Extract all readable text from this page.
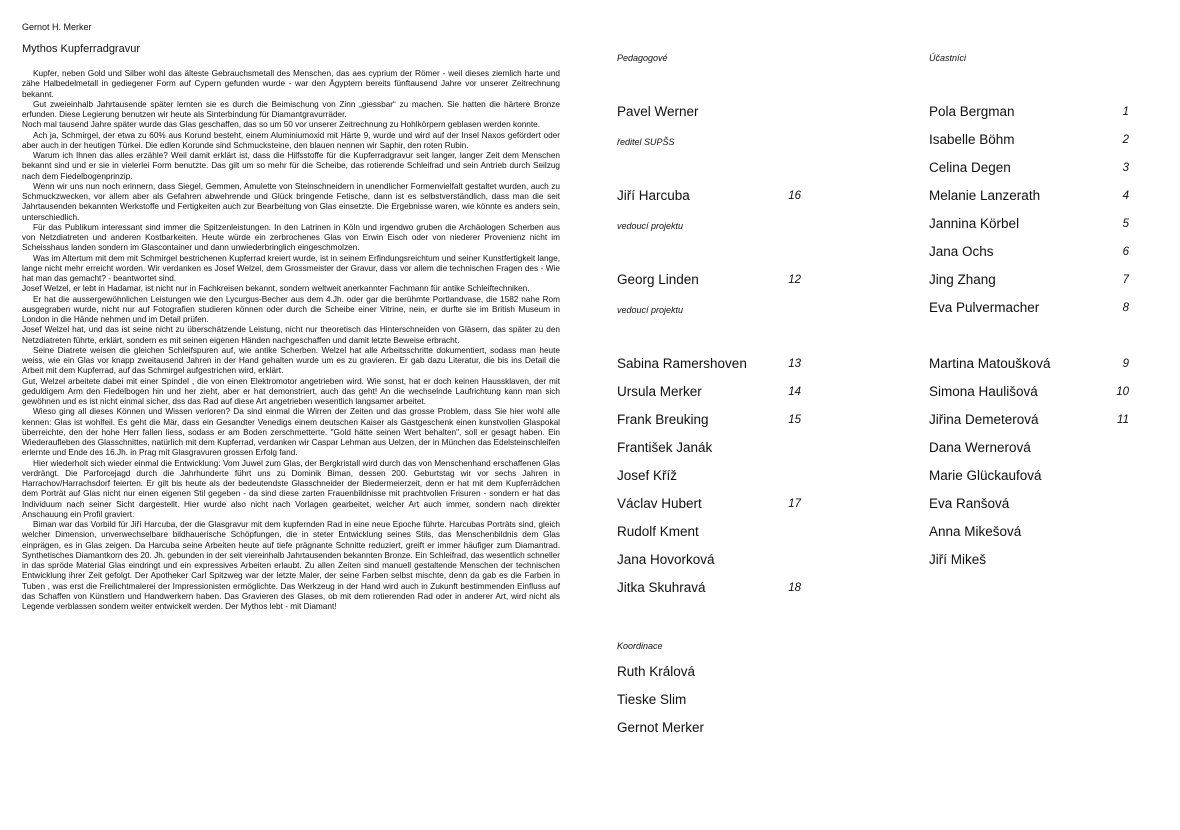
Gernot H. Merker
Mythos Kupferradgravur

Kupfer, neben Gold und Silber wohl das älteste Gebrauchsmetall des Menschen, das aes cyprium der Römer - weil dieses ziemlich harte und zähe Halbedelmetall in gediegener Form auf Cypern gefunden wurde - war den Ägyptern bereits fünftausend Jahre vor unserer Zeitrechnung bekannt.

Gut zweieinhalb Jahrtausende später lernten sie es durch die Beimischung von Zinn „giessbar“ zu machen. Sie hatten die härtere Bronze erfunden. Diese Legierung benutzen wir heute als Sinterbindung für Diamantgravurräder.

Noch mal tausend Jahre später wurde das Glas geschaffen, das so um 50 vor unserer Zeitrechnung zu Hohlkörpern geblasen werden konnte.

Ach ja, Schmirgel, der etwa zu 60% aus Korund besteht, einem Aluminiumoxid mit Härte 9, wurde und wird auf der Insel Naxos gefördert oder aber auch in der heutigen Türkei. Die edlen Korunde sind Schmucksteine, den blauen nennen wir Saphir, den roten Rubin.

Warum ich Ihnen das alles erzähle? Weil damit erklärt ist, dass die Hilfsstoffe für die Kupferradgravur seit langer, langer Zeit dem Menschen bekannt sind und er sie in vielerlei Form benutzte. Das gilt um so mehr für die Scheibe, das rotierende Schleifrad und sein Antrieb durch Seilzug nach dem Fiedelbogenprinzip.

Wenn wir uns nun noch erinnern, dass Siegel, Gemmen, Amulette von Steinschneidern in unendlicher Formenvielfalt gestaltet wurden, auch zu Schmuckzwecken, vor allem aber als Gefahren abwehrende und Glück bringende Fetische, dann ist es selbstverständlich, dass man die seit Jahrtausenden bekannten Werkstoffe und Fertigkeiten auch zur Bearbeitung von Glas einsetzte. Die Ergebnisse waren, wie könnte es anders sein, unterschiedlich.

Für das Publikum interessant sind immer die Spitzenleistungen. In den Latrinen in Köln und irgendwo gruben die Archäologen Scherben aus von Netzdiatreten und anderen Kostbarkeiten. Heute würde ein zerbrochenes Glas von Erwin Eisch oder von niederer Provenienz nicht im Scheisshaus landen sondern im Glascontainer und dann unwiederbringlich eingeschmolzen.

Was im Altertum mit dem mit Schmirgel bestrichenen Kupferrad kreiert wurde, ist in seinem Erfindungsreichtum und seiner Kunstfertigkeit lange, lange nicht mehr erreicht worden. Wir verdanken es Josef Welzel, dem Grossmeister der Gravur, dass vor allem die technischen Fragen des - Wie hat man das gemacht? - beantwortet sind.

Josef Welzel, er lebt in Hadamar, ist nicht nur in Fachkreisen bekannt, sondern weltweit anerkannter Fachmann für antike Schleiftechniken.

Er hat die aussergewöhnlichen Leistungen wie den Lycurgus-Becher aus dem 4.Jh. oder gar die berühmte Portlandvase, die 1582 nahe Rom ausgegraben wurde, nicht nur auf Fotografien studieren können oder durch die Scheibe einer Vitrine, nein, er durfte sie im British Museum in London in die Hände nehmen und im Detail prüfen.

Josef Welzel hat, und das ist seine nicht zu überschätzende Leistung, nicht nur theoretisch das Hinterschneiden von Gläsern, das später zu den Netzdiatreten führte, erklärt, sondern es mit seinen eigenen Händen nachgeschaffen und damit letzte Beweise erbracht.

Seine Diatrete weisen die gleichen Schleifspuren auf, wie antike Scherben. Welzel hat alle Arbeitsschritte dokumentiert, sodass man heute weiss, wie ein Glas vor knapp zweitausend Jahren in der Hand gehalten wurde um es zu gravieren. Er gab dazu Literatur, die bis ins Detail die Arbeit mit dem Kupferrad, auf das Schmirgel aufgestrichen wird, erklärt.

Gut, Welzel arbeitete dabei mit einer Spindel , die von einen Elektromotor angetrieben wird. Wie sonst, hat er doch keinen Haussklaven, der mit geduldigem Arm den Fiedelbogen hin und her zieht, aber er hat demonstriert, auch das geht! An die wechselnde Laufrichtung kann man sich gewöhnen und es ist nicht einmal sicher, dss das Rad auf diese Art angetrieben wesentlich langsamer arbeitet.

Wieso ging all dieses Können und Wissen verloren? Da sind einmal die Wirren der Zeiten und das grosse Problem, dass Sie hier wohl alle kennen: Glas ist wohlfeil. Es geht die Mär, dass ein Gesandter Venedigs einem deutschen Kaiser als Gastgeschenk einen kunstvollen Glaspokal überreichte, den der hohe Herr fallen liess, sodass er am Boden zerschmetterte. "Gold hätte seinen Wert behalten", soll er gesagt haben. Ein Wiederaufleben des Glasschnittes, natürlich mit dem Kupferrad, verdanken wir Caspar Lehman aus Uelzen, der in München das Edelsteinschleifen erlernte und Ende des 16.Jh. in Prag mit Glasgravuren grossen Erfolg fand.

Hier wiederholt sich wieder einmal die Entwicklung: Vom Juwel zum Glas, der Bergkristall wird durch das von Menschenhand erschaffenen Glas verdrängt. Die Parforcejagd durch die Jahrhunderte führt uns zu Dominik Biman, dessen 200. Geburtstag wir vor sechs Jahren in Harrachov/Harrachsdorf feierten. Er gilt bis heute als der bedeutendste Glasschneider der Biedermeierzeit, denn er hat mit dem Kupferrädchen dem Porträt auf Glas nicht nur einen eigenen Stil gegeben - da sind diese zarten Frauenbildnisse mit prachtvollen Frisuren - sondern er hat das Individuum nach seiner Sicht dargestellt. Hier wurde also nicht nach Vorlagen gearbeitet, welcher Art auch immer, sondern nach direkter Anschauung ein Profil graviert.

Biman war das Vorbild für Jiří Harcuba, der die Glasgravur mit dem kupfernden Rad in eine neue Epoche führte. Harcubas Porträts sind, gleich welcher Dimension, unverwechselbare bildhauerische Schöpfungen, die in steter Entwicklung seines Stils, das Menschenbildnis dem Glas einprägen, es in Glas zeigen. Da Harcuba seine Arbeiten heute auf tiefe prägnante Schnitte reduziert, greift er immer häufiger zum Diamantrad. Synthetisches Diamantkorn des 20. Jh. gebunden in der seit viereinhalb Jahrtausenden bekannten Bronze. Ein Schleifrad, das wesentlich schneller in das spröde Material Glas eindringt und ein expressives Arbeiten erlaubt. Zu allen Zeiten sind manuell gestaltende Menschen der technischen Entwicklung ihrer Zeit gefolgt. Der Apotheker Carl Spitzweg war der letzte Maler, der seine Farben selbst mischte, denn da gab es die Farben in Tuben , was erst die Freilichtmalerei der Impressionisten ermöglichte. Das Werkzeug in der Hand wird auch in Zukunft bestimmenden Einfluss auf das Schaffen von Künstlern und Handwerkern haben. Das Gravieren des Glases, ob mit dem rotierenden Rad oder in anderer Art, wird nicht als Legende verblassen sondern weiter entwickelt werden. Der Mythos lebt - mit Diamant!

Pedagogové	Účastníci
Koordinace
Pavel Werner
ředitel SUPŠS
Jiří Harcuba	16
vedoucí projektu
Georg Linden	12
vedoucí projektu
Sabina Ramershoven	13
Ursula Merker	14
Frank Breuking	15
František Janák
Josef Kříž
Václav Hubert	17
Rudolf Kment
Jana Hovorková
Jitka Skuhravá	18
Pola Bergman	1
Isabelle Böhm	2
Celina Degen	3
Melanie Lanzerath	4
Jannina Körbel	5
Jana Ochs	6
Jing Zhang	7
Eva Pulvermacher	8
Martina Matoušková	9
Simona Haulišová	10
Jiřina Demeterová	11
Dana Wernerová
Marie Glückaufová
Eva Ranšová
Anna Mikešová
Jiří Mikeš
Ruth Králová
Tieske Slim
Gernot Merker
